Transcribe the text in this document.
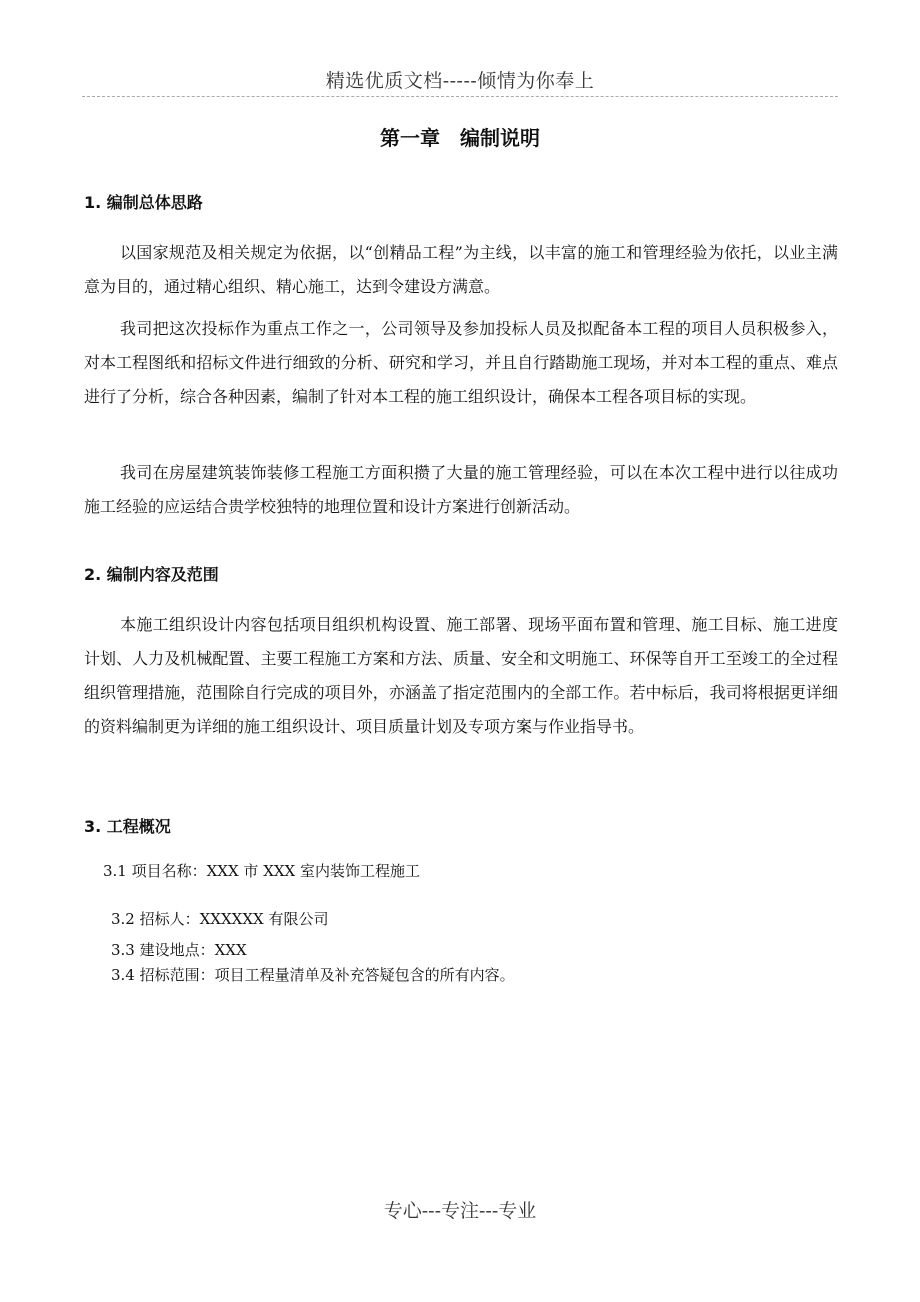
精选优质文档-----倾情为你奉上
第一章　编制说明
1. 编制总体思路

以国家规范及相关规定为依据，以“创精品工程”为主线，以丰富的施工和管理经验为依托，以业主满意为目的，通过精心组织、精心施工，达到令建设方满意。

我司把这次投标作为重点工作之一，公司领导及参加投标人员及拟配备本工程的项目人员积极参入，对本工程图纸和招标文件进行细致的分析、研究和学习，并且自行踏勘施工现场，并对本工程的重点、难点进行了分析，综合各种因素，编制了针对本工程的施工组织设计，确保本工程各项目标的实现。

我司在房屋建筑装饰装修工程施工方面积攒了大量的施工管理经验，可以在本次工程中进行以往成功施工经验的应运结合贵学校独特的地理位置和设计方案进行创新活动。

2. 编制内容及范围

本施工组织设计内容包括项目组织机构设置、施工部署、现场平面布置和管理、施工目标、施工进度计划、人力及机械配置、主要工程施工方案和方法、质量、安全和文明施工、环保等自开工至竣工的全过程组织管理措施，范围除自行完成的项目外，亦涵盖了指定范围内的全部工作。若中标后，我司将根据更详细的资料编制更为详细的施工组织设计、项目质量计划及专项方案与作业指导书。

3. 工程概况
3.1 项目名称：XXX 市 XXX 室内装饰工程施工
3.2 招标人：XXXXXX 有限公司
3.3 建设地点：XXX
3.4 招标范围：项目工程量清单及补充答疑包含的所有内容。
专心---专注---专业
